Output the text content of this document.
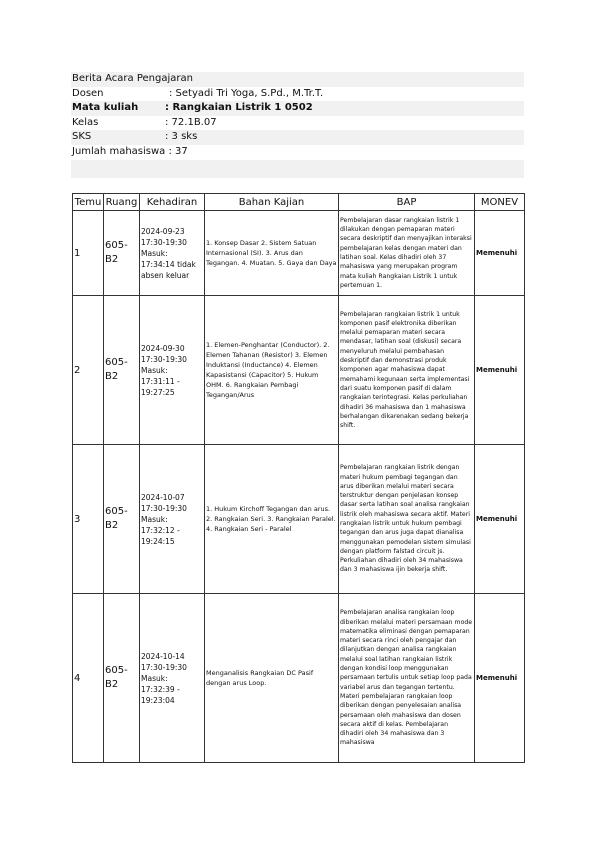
Berita Acara Pengajaran
Dosen	: Setyadi Tri Yoga, S.Pd., M.Tr.T.
Mata kuliah	: Rangkaian Listrik 1 0502
Kelas	: 72.1B.07
SKS	: 3 sks
Jumlah mahasiswa : 37
Temu	Ruang	Kehadiran	Bahan Kajian	BAP	MONEV
1	605-B2	2024-09-23 17:30-19:30 Masuk: 17:34:14 tidak absen keluar	1. Konsep Dasar 2. Sistem Satuan Internasional (SI). 3. Arus dan Tegangan. 4. Muatan. 5. Gaya dan Daya	Pembelajaran dasar rangkaian listrik 1 dilakukan dengan pemaparan materi secara deskriptif dan menyajikan interaksi pembelajaran kelas dengan materi dan latihan soal. Kelas dihadiri oleh 37 mahasiswa yang merupakan program mata kuliah Rangkaian Listrik 1 untuk pertemuan 1.	Memenuhi
2	605-B2	2024-09-30 17:30-19:30 Masuk: 17:31:11 - 19:27:25	1. Elemen-Penghantar (Conductor). 2. Elemen Tahanan (Resistor) 3. Elemen Induktansi (Inductance) 4. Elemen Kapasistansi (Capacitor) 5. Hukum OHM. 6. Rangkaian Pembagi Tegangan/Arus	Pembelajaran rangkaian listrik 1 untuk komponen pasif elektronika diberikan melalui pemaparan materi secara mendasar, latihan soal (diskusi) secara menyeluruh melalui pembahasan deskriptif dan demonstrasi produk komponen agar mahasiswa dapat memahami kegunaan serta implementasi dari suatu komponen pasif di dalam rangkaian terintegrasi. Kelas perkuliahan dihadiri 36 mahasiswa dan 1 mahasiswa berhalangan dikarenakan sedang bekerja shift.	Memenuhi
3	605-B2	2024-10-07 17:30-19:30 Masuk: 17:32:12 - 19:24:15	1. Hukum Kirchoff Tegangan dan arus. 2. Rangkaian Seri. 3. Rangkaian Paralel. 4. Rangkaian Seri - Paralel	Pembelajaran rangkaian listrik dengan materi hukum pembagi tegangan dan arus diberikan melalui materi secara terstruktur dengan penjelasan konsep dasar serta latihan soal analisa rangkaian listrik oleh mahasiswa secara aktif. Materi rangkaian listrik untuk hukum pembagi tegangan dan arus juga dapat dianalisa menggunakan pemodelan sistem simulasi dengan platform falstad circuit js. Perkuliahan dihadiri oleh 34 mahasiswa dan 3 mahasiswa ijin bekerja shift.	Memenuhi
4	605-B2	2024-10-14 17:30-19:30 Masuk: 17:32:39 - 19:23:04	Menganalisis Rangkaian DC Pasif dengan arus Loop.	Pembelajaran analisa rangkaian loop diberikan melalui materi persamaan mode matematika eliminasi dengan pemaparan materi secara rinci oleh pengajar dan dilanjutkan dengan analisa rangkaian melalui soal latihan rangkaian listrik dengan kondisi loop menggunakan persamaan tertulis untuk setiap loop pada variabel arus dan tegangan tertentu. Materi pembelajaran rangkaian loop diberikan dengan penyelesaian analisa persamaan oleh mahasiswa dan dosen secara aktif di kelas. Pembelajaran dihadiri oleh 34 mahasiswa dan 3 mahasiswa	Memenuhi
